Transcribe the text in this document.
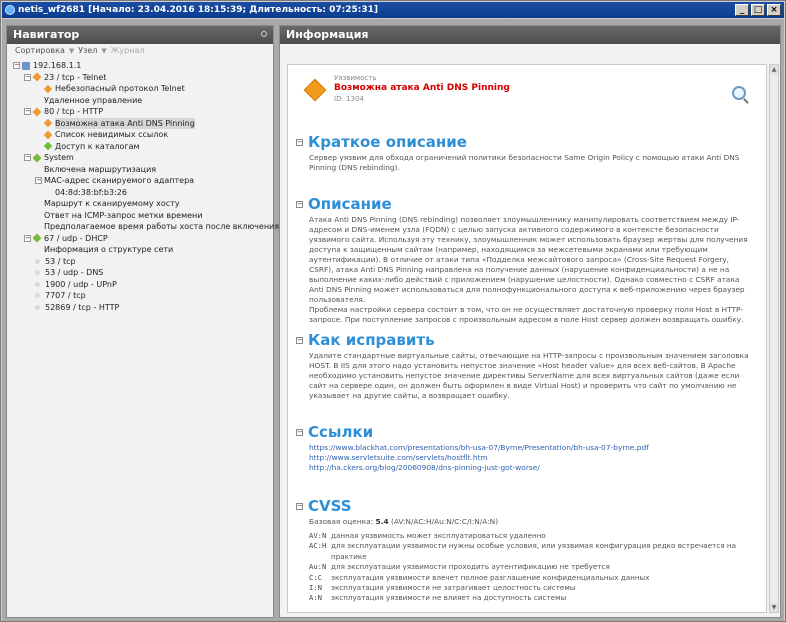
netis_wf2681 [Начало: 23.04.2016 18:15:39; Длительность: 07:25:31]	_	□ ×
Навигатор
Сортировка ▼ Узел ▼ Журнал
− 192.168.1.1
− 23 / tcp - Telnet
Небезопасный протокол Telnet
Удаленное управление
− 80 / tcp - HTTP
Возможна атака Anti DNS Pinning
Список невидимых ссылок
Доступ к каталогам
− System
Включена маршрутизация
− MAC-адрес сканируемого адаптера
04:8d:38:bf:b3:26
Маршрут к сканируемому хосту
Ответ на ICMP-запрос метки времени
Предполагаемое время работы хоста после включения
− 67 / udp - DHCP
Информация о структуре сети
53 / tcp
53 / udp - DNS
1900 / udp - UPnP
7707 / tcp
52869 / tcp - HTTP
Информация
Уязвимость
Возможна атака Anti DNS Pinning
ID: 1304
− Краткое описание
Сервер уязвим для обхода ограничений политики безопасности Same Origin Policy с помощью атаки Anti DNS Pinning (DNS rebinding).
− Описание
Атака Anti DNS Pinning (DNS rebinding) позволяет злоумышленнику манипулировать соответствием между IP-адресом и DNS-именем узла (FQDN) с целью запуска активного содержимого в контексте безопасности уязвимого сайта. Используя эту технику, злоумышленник может использовать браузер жертвы для получения доступа к защищенным сайтам (например, находящимся за межсетевыми экранами или требующим аутентификации). В отличие от атаки типа «Подделка межсайтового запроса» (Cross-Site Request Forgery, CSRF), атака Anti DNS Pinning направлена на получение данных (нарушение конфиденциальности) а не на выполнение каких-либо действий с приложением (нарушение целостности). Однако совместно с CSRF атака Anti DNS Pinning может использоваться для полнофункционального доступа к веб-приложению через браузер пользователя.
Проблема настройки сервера состоит в том, что он не осуществляет достаточную проверку поля Host в HTTP-запросе. При поступление запросов с произвольным адресом в поле Host сервер должен возвращать ошибку.
− Как исправить
Удалите стандартные виртуальные сайты, отвечающие на HTTP-запросы с произвольным значением заголовка HOST. В IIS для этого надо установить непустое значение «Host header value» для всех веб-сайтов. В Apache необходимо установить непустое значение директивы ServerName для всех виртуальных сайтов (даже если сайт на сервере один, он должен быть оформлен в виде Virtual Host) и проверить что сайт по умолчанию не указывает на другие сайты, а возвращает ошибку.
− Ссылки
https://www.blackhat.com/presentations/bh-usa-07/Byrne/Presentation/bh-usa-07-byrne.pdf
http://www.servletsuite.com/servlets/hostflt.htm
http://ha.ckers.org/blog/20060908/dns-pinning-just-got-worse/
− CVSS
Базовая оценка: 5.4 (AV:N/AC:H/Au:N/C:C/I:N/A:N)
AV:N данная уязвимость может эксплуатироваться удаленно
AC:H для эксплуатации уязвимости нужны особые условия, или уязвимая конфигурация редко встречается на практике
Au:N для эксплуатации уязвимости проходить аутентификацию не требуется
C:C	эксплуатация уязвимости влечет полное разглашение конфиденциальных данных
I:N	эксплуатация уязвимости не затрагивает целостность системы
A:N	эксплуатация уязвимости не влияет на доступность системы
▲
▼
